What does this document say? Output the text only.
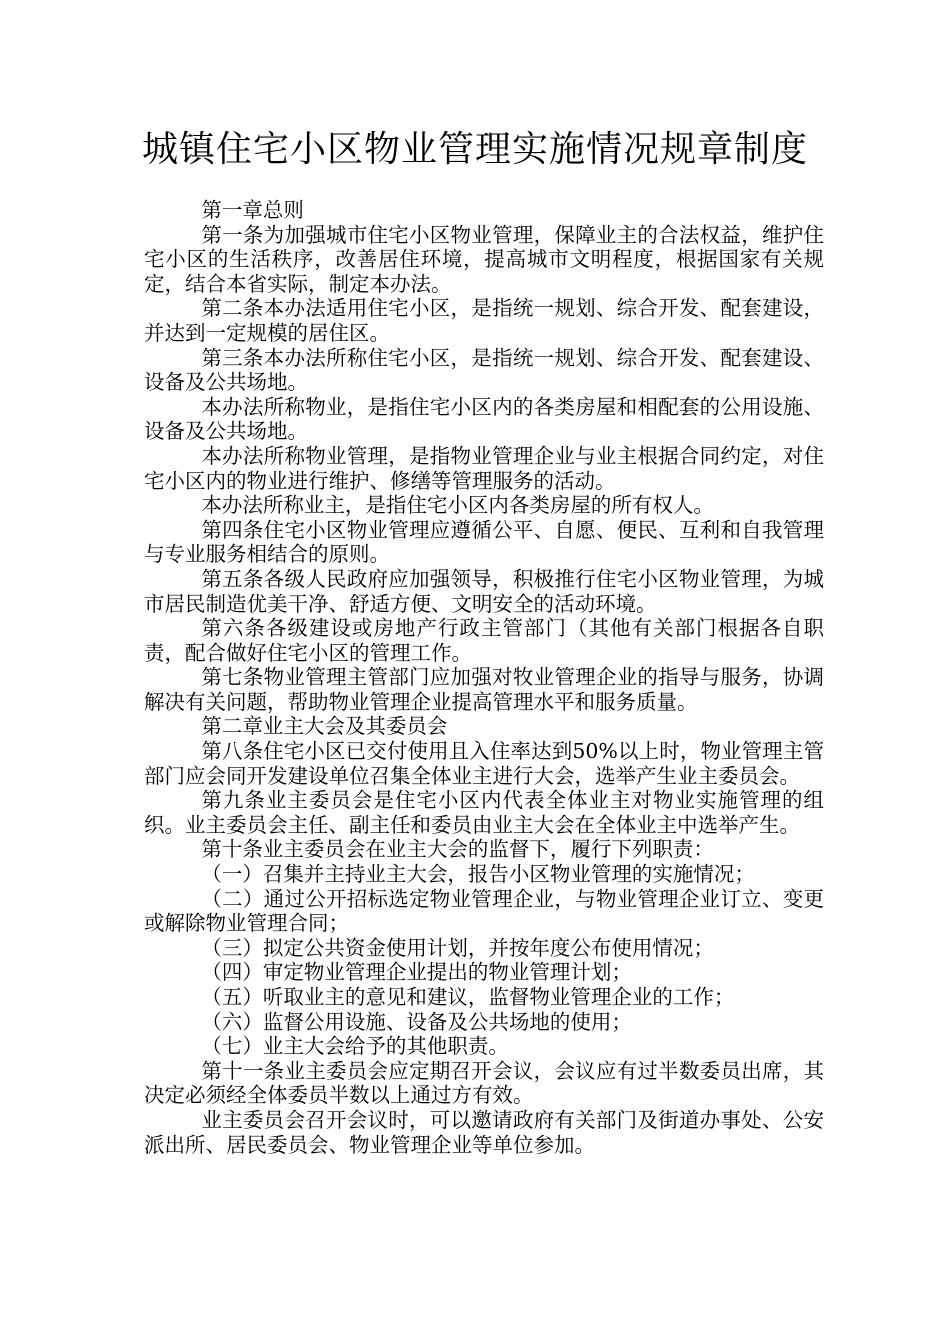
城镇住宅小区物业管理实施情况规章制度

第一章总则

第一条为加强城市住宅小区物业管理，保障业主的合法权益，维护住宅小区的生活秩序，改善居住环境，提高城市文明程度，根据国家有关规定，结合本省实际，制定本办法。

第二条本办法适用住宅小区，是指统一规划、综合开发、配套建设，并达到一定规模的居住区。

第三条本办法所称住宅小区，是指统一规划、综合开发、配套建设、设备及公共场地。

本办法所称物业，是指住宅小区内的各类房屋和相配套的公用设施、设备及公共场地。

本办法所称物业管理，是指物业管理企业与业主根据合同约定，对住宅小区内的物业进行维护、修缮等管理服务的活动。

本办法所称业主，是指住宅小区内各类房屋的所有权人。

第四条住宅小区物业管理应遵循公平、自愿、便民、互利和自我管理与专业服务相结合的原则。

第五条各级人民政府应加强领导，积极推行住宅小区物业管理，为城市居民制造优美干净、舒适方便、文明安全的活动环境。

第六条各级建设或房地产行政主管部门（其他有关部门根据各自职责，配合做好住宅小区的管理工作。

第七条物业管理主管部门应加强对牧业管理企业的指导与服务，协调解决有关问题，帮助物业管理企业提高管理水平和服务质量。

第二章业主大会及其委员会

第八条住宅小区已交付使用且入住率达到50%以上时，物业管理主管部门应会同开发建设单位召集全体业主进行大会，选举产生业主委员会。

第九条业主委员会是住宅小区内代表全体业主对物业实施管理的组织。业主委员会主任、副主任和委员由业主大会在全体业主中选举产生。

第十条业主委员会在业主大会的监督下，履行下列职责：

（一）召集并主持业主大会，报告小区物业管理的实施情况；

（二）通过公开招标选定物业管理企业，与物业管理企业订立、变更或解除物业管理合同；

（三）拟定公共资金使用计划，并按年度公布使用情况；

（四）审定物业管理企业提出的物业管理计划；

（五）听取业主的意见和建议，监督物业管理企业的工作；

（六）监督公用设施、设备及公共场地的使用；

（七）业主大会给予的其他职责。

第十一条业主委员会应定期召开会议，会议应有过半数委员出席，其决定必须经全体委员半数以上通过方有效。

业主委员会召开会议时，可以邀请政府有关部门及街道办事处、公安派出所、居民委员会、物业管理企业等单位参加。
